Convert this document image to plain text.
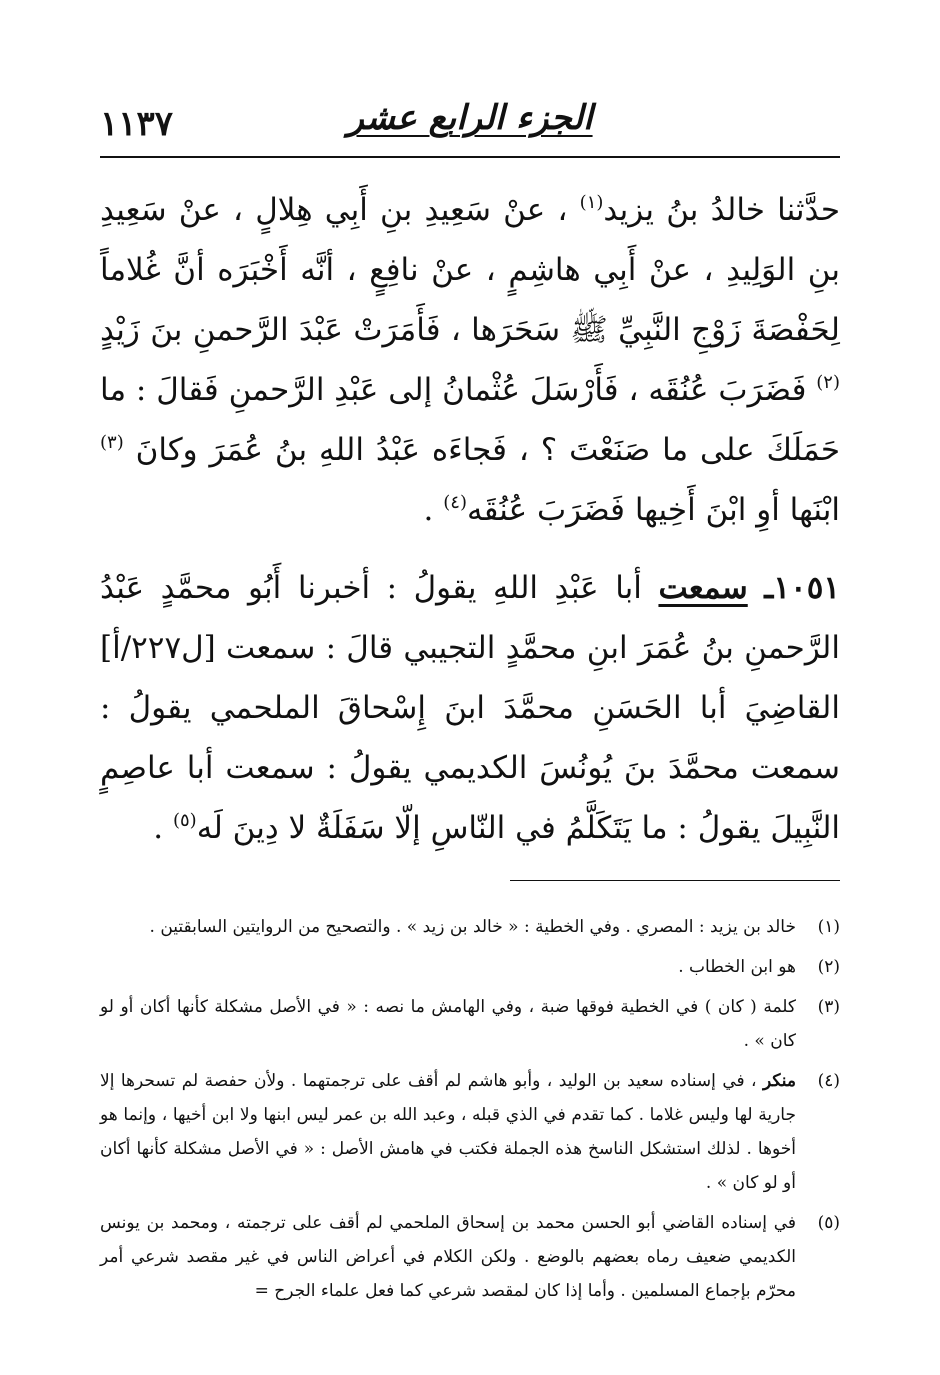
الجزء الرابع عشر
١١٣٧

حدَّثنا خالدُ بنُ يزيد$^{(١)}$ ، عنْ سَعِيدِ بنِ أَبِي هِلالٍ ، عنْ سَعِيدِ بنِ الوَلِيدِ ، عنْ أَبِي هاشِمٍ ، عنْ نافِعٍ ، أنَّه أَخْبَرَه أنَّ غُلاماً لِحَفْصَةَ زَوْجِ النَّبِيِّ ﷺ سَحَرَها ، فَأَمَرَتْ عَبْدَ الرَّحمنِ بنَ زَيْدٍ $^{(٢)}$ فَضَرَبَ عُنُقَه ، فَأَرْسَلَ عُثْمانُ إلى عَبْدِ الرَّحمنِ فَقالَ : ما حَمَلَكَ على ما صَنَعْتَ ؟ ، فَجاءَه عَبْدُ اللهِ بنُ عُمَرَ وكانَ $^{(٣)}$ ابْنَها أوِ ابْنَ أَخِيها فَضَرَبَ عُنُقَه$^{(٤)}$ .

١٠٥١ـ سمعت أبا عَبْدِ اللهِ يقولُ : أخبرنا أَبُو محمَّدٍ عَبْدُ الرَّحمنِ بنُ عُمَرَ ابنِ محمَّدٍ التجيبي قالَ : سمعت [ل٢٢٧/أ] القاضِيَ أبا الحَسَنِ محمَّدَ ابنَ إِسْحاقَ الملحمي يقولُ : سمعت محمَّدَ بنَ يُونُسَ الكديمي يقولُ : سمعت أبا عاصِمٍ النَّبِيلَ يقولُ : ما يَتَكَلَّمُ في النّاسِ إلّا سَفَلَةٌ لا دِينَ لَه$^{(٥)}$ .

(١)
خالد بن يزيد : المصري . وفي الخطية : « خالد بن زيد » . والتصحيح من الروايتين السابقتين .
(٢)
هو ابن الخطاب .
(٣)
كلمة ( كان ) في الخطية فوقها ضبة ، وفي الهامش ما نصه : « في الأصل مشكلة كأنها أكان أو لو كان » .
(٤)
منكر ، في إسناده سعيد بن الوليد ، وأبو هاشم لم أقف على ترجمتهما . ولأن حفصة لم تسحرها إلا جارية لها وليس غلاما . كما تقدم في الذي قبله ، وعبد الله بن عمر ليس ابنها ولا ابن أخيها ، وإنما هو أخوها . لذلك استشكل الناسخ هذه الجملة فكتب في هامش الأصل : « في الأصل مشكلة كأنها أكان أو لو كان » .
(٥)
في إسناده القاضي أبو الحسن محمد بن إسحاق الملحمي لم أقف على ترجمته ، ومحمد بن يونس الكديمي ضعيف رماه بعضهم بالوضع . ولكن الكلام في أعراض الناس في غير مقصد شرعي أمر محرّم بإجماع المسلمين . وأما إذا كان لمقصد شرعي كما فعل علماء الجرح =
